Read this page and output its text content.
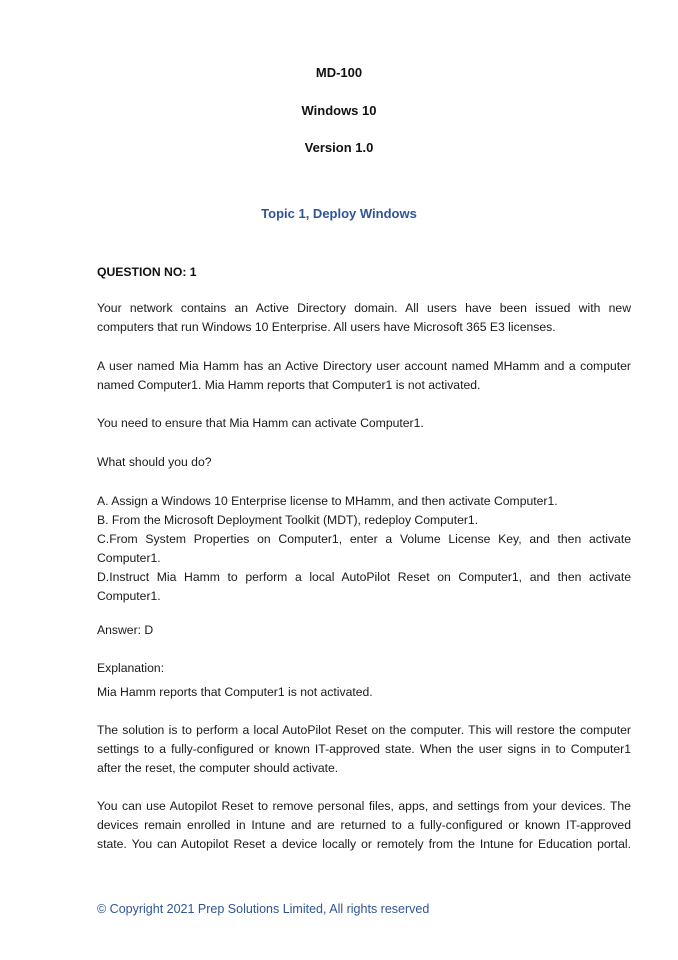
MD-100
Windows 10
Version 1.0
Topic 1, Deploy Windows
QUESTION NO: 1
Your network contains an Active Directory domain. All users have been issued with new
computers that run Windows 10 Enterprise. All users have Microsoft 365 E3 licenses.
A user named Mia Hamm has an Active Directory user account named MHamm and a computer
named Computer1. Mia Hamm reports that Computer1 is not activated.
You need to ensure that Mia Hamm can activate Computer1.
What should you do?
A. Assign a Windows 10 Enterprise license to MHamm, and then activate Computer1.
B. From the Microsoft Deployment Toolkit (MDT), redeploy Computer1.
C.From System Properties on Computer1, enter a Volume License Key, and then activate
Computer1.
D.Instruct Mia Hamm to perform a local AutoPilot Reset on Computer1, and then activate
Computer1.
Answer: D
Explanation:
Mia Hamm reports that Computer1 is not activated.
The solution is to perform a local AutoPilot Reset on the computer. This will restore the computer
settings to a fully-configured or known IT-approved state. When the user signs in to Computer1
after the reset, the computer should activate.
You can use Autopilot Reset to remove personal files, apps, and settings from your devices. The
devices remain enrolled in Intune and are returned to a fully-configured or known IT-approved
state. You can Autopilot Reset a device locally or remotely from the Intune for Education portal.
© Copyright 2021 Prep Solutions Limited, All rights reserved
